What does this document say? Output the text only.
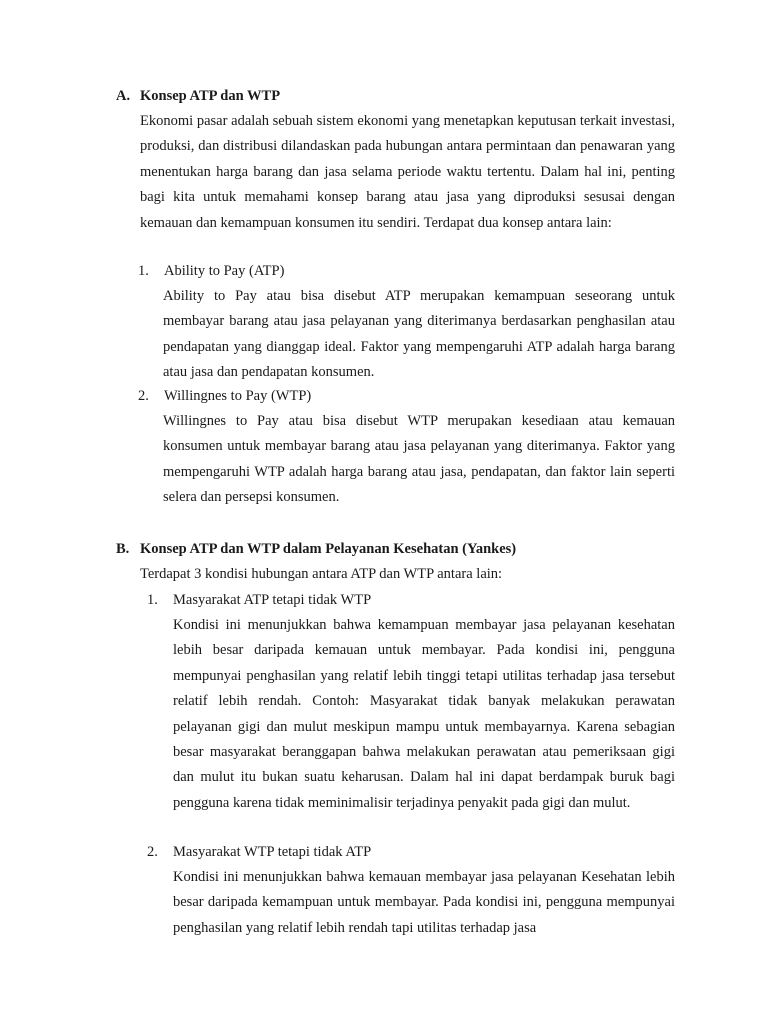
A. Konsep ATP dan WTP

Ekonomi pasar adalah sebuah sistem ekonomi yang menetapkan keputusan terkait investasi, produksi, dan distribusi dilandaskan pada hubungan antara permintaan dan penawaran yang menentukan harga barang dan jasa selama periode waktu tertentu. Dalam hal ini, penting bagi kita untuk memahami konsep barang atau jasa yang diproduksi sesusai dengan kemauan dan kemampuan konsumen itu sendiri. Terdapat dua konsep antara lain:

1. Ability to Pay (ATP)

Ability to Pay atau bisa disebut ATP merupakan kemampuan seseorang untuk membayar barang atau jasa pelayanan yang diterimanya berdasarkan penghasilan atau pendapatan yang dianggap ideal. Faktor yang mempengaruhi ATP adalah harga barang atau jasa dan pendapatan konsumen.

2. Willingnes to Pay (WTP)

Willingnes to Pay atau bisa disebut WTP merupakan kesediaan atau kemauan konsumen untuk membayar barang atau jasa pelayanan yang diterimanya. Faktor yang mempengaruhi WTP adalah harga barang atau jasa, pendapatan, dan faktor lain seperti selera dan persepsi konsumen.

B. Konsep ATP dan WTP dalam Pelayanan Kesehatan (Yankes)
Terdapat 3 kondisi hubungan antara ATP dan WTP antara lain:
1. Masyarakat ATP tetapi tidak WTP

Kondisi ini menunjukkan bahwa kemampuan membayar jasa pelayanan kesehatan lebih besar daripada kemauan untuk membayar. Pada kondisi ini, pengguna mempunyai penghasilan yang relatif lebih tinggi tetapi utilitas terhadap jasa tersebut relatif lebih rendah. Contoh: Masyarakat tidak banyak melakukan perawatan pelayanan gigi dan mulut meskipun mampu untuk membayarnya. Karena sebagian besar masyarakat beranggapan bahwa melakukan perawatan atau pemeriksaan gigi dan mulut itu bukan suatu keharusan. Dalam hal ini dapat berdampak buruk bagi pengguna karena tidak meminimalisir terjadinya penyakit pada gigi dan mulut.

2. Masyarakat WTP tetapi tidak ATP

Kondisi ini menunjukkan bahwa kemauan membayar jasa pelayanan Kesehatan lebih besar daripada kemampuan untuk membayar. Pada kondisi ini, pengguna mempunyai penghasilan yang relatif lebih rendah tapi utilitas terhadap jasa
